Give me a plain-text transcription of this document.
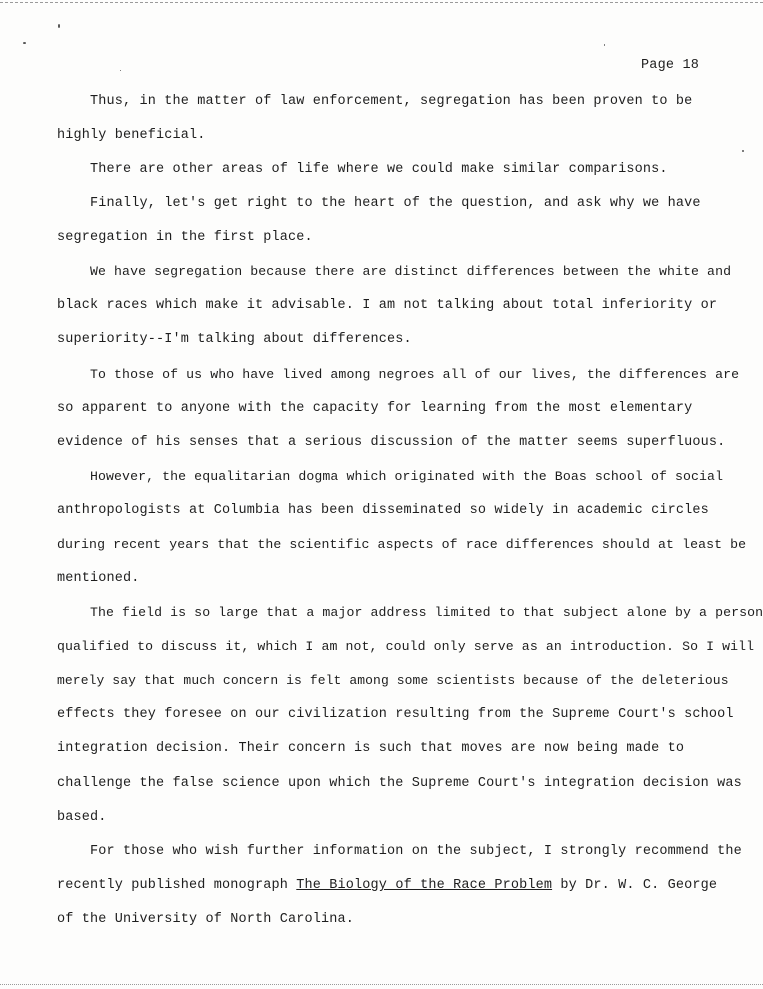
Page 18
Thus, in the matter of law enforcement, segregation has been proven to be
highly beneficial.
There are other areas of life where we could make similar comparisons.
Finally, let's get right to the heart of the question, and ask why we have
segregation in the first place.
We have segregation because there are distinct differences between the white and
black races which make it advisable. I am not talking about total inferiority or
superiority--I'm talking about differences.
To those of us who have lived among negroes all of our lives, the differences are
so apparent to anyone with the capacity for learning from the most elementary
evidence of his senses that a serious discussion of the matter seems superfluous.
However, the equalitarian dogma which originated with the Boas school of social
anthropologists at Columbia has been disseminated so widely in academic circles
during recent years that the scientific aspects of race differences should at least be
mentioned.
The field is so large that a major address limited to that subject alone by a person
qualified to discuss it, which I am not, could only serve as an introduction. So I will
merely say that much concern is felt among some scientists because of the deleterious
effects they foresee on our civilization resulting from the Supreme Court's school
integration decision. Their concern is such that moves are now being made to
challenge the false science upon which the Supreme Court's integration decision was
based.
For those who wish further information on the subject, I strongly recommend the
recently published monograph The Biology of the Race Problem by Dr. W. C. George
of the University of North Carolina.
